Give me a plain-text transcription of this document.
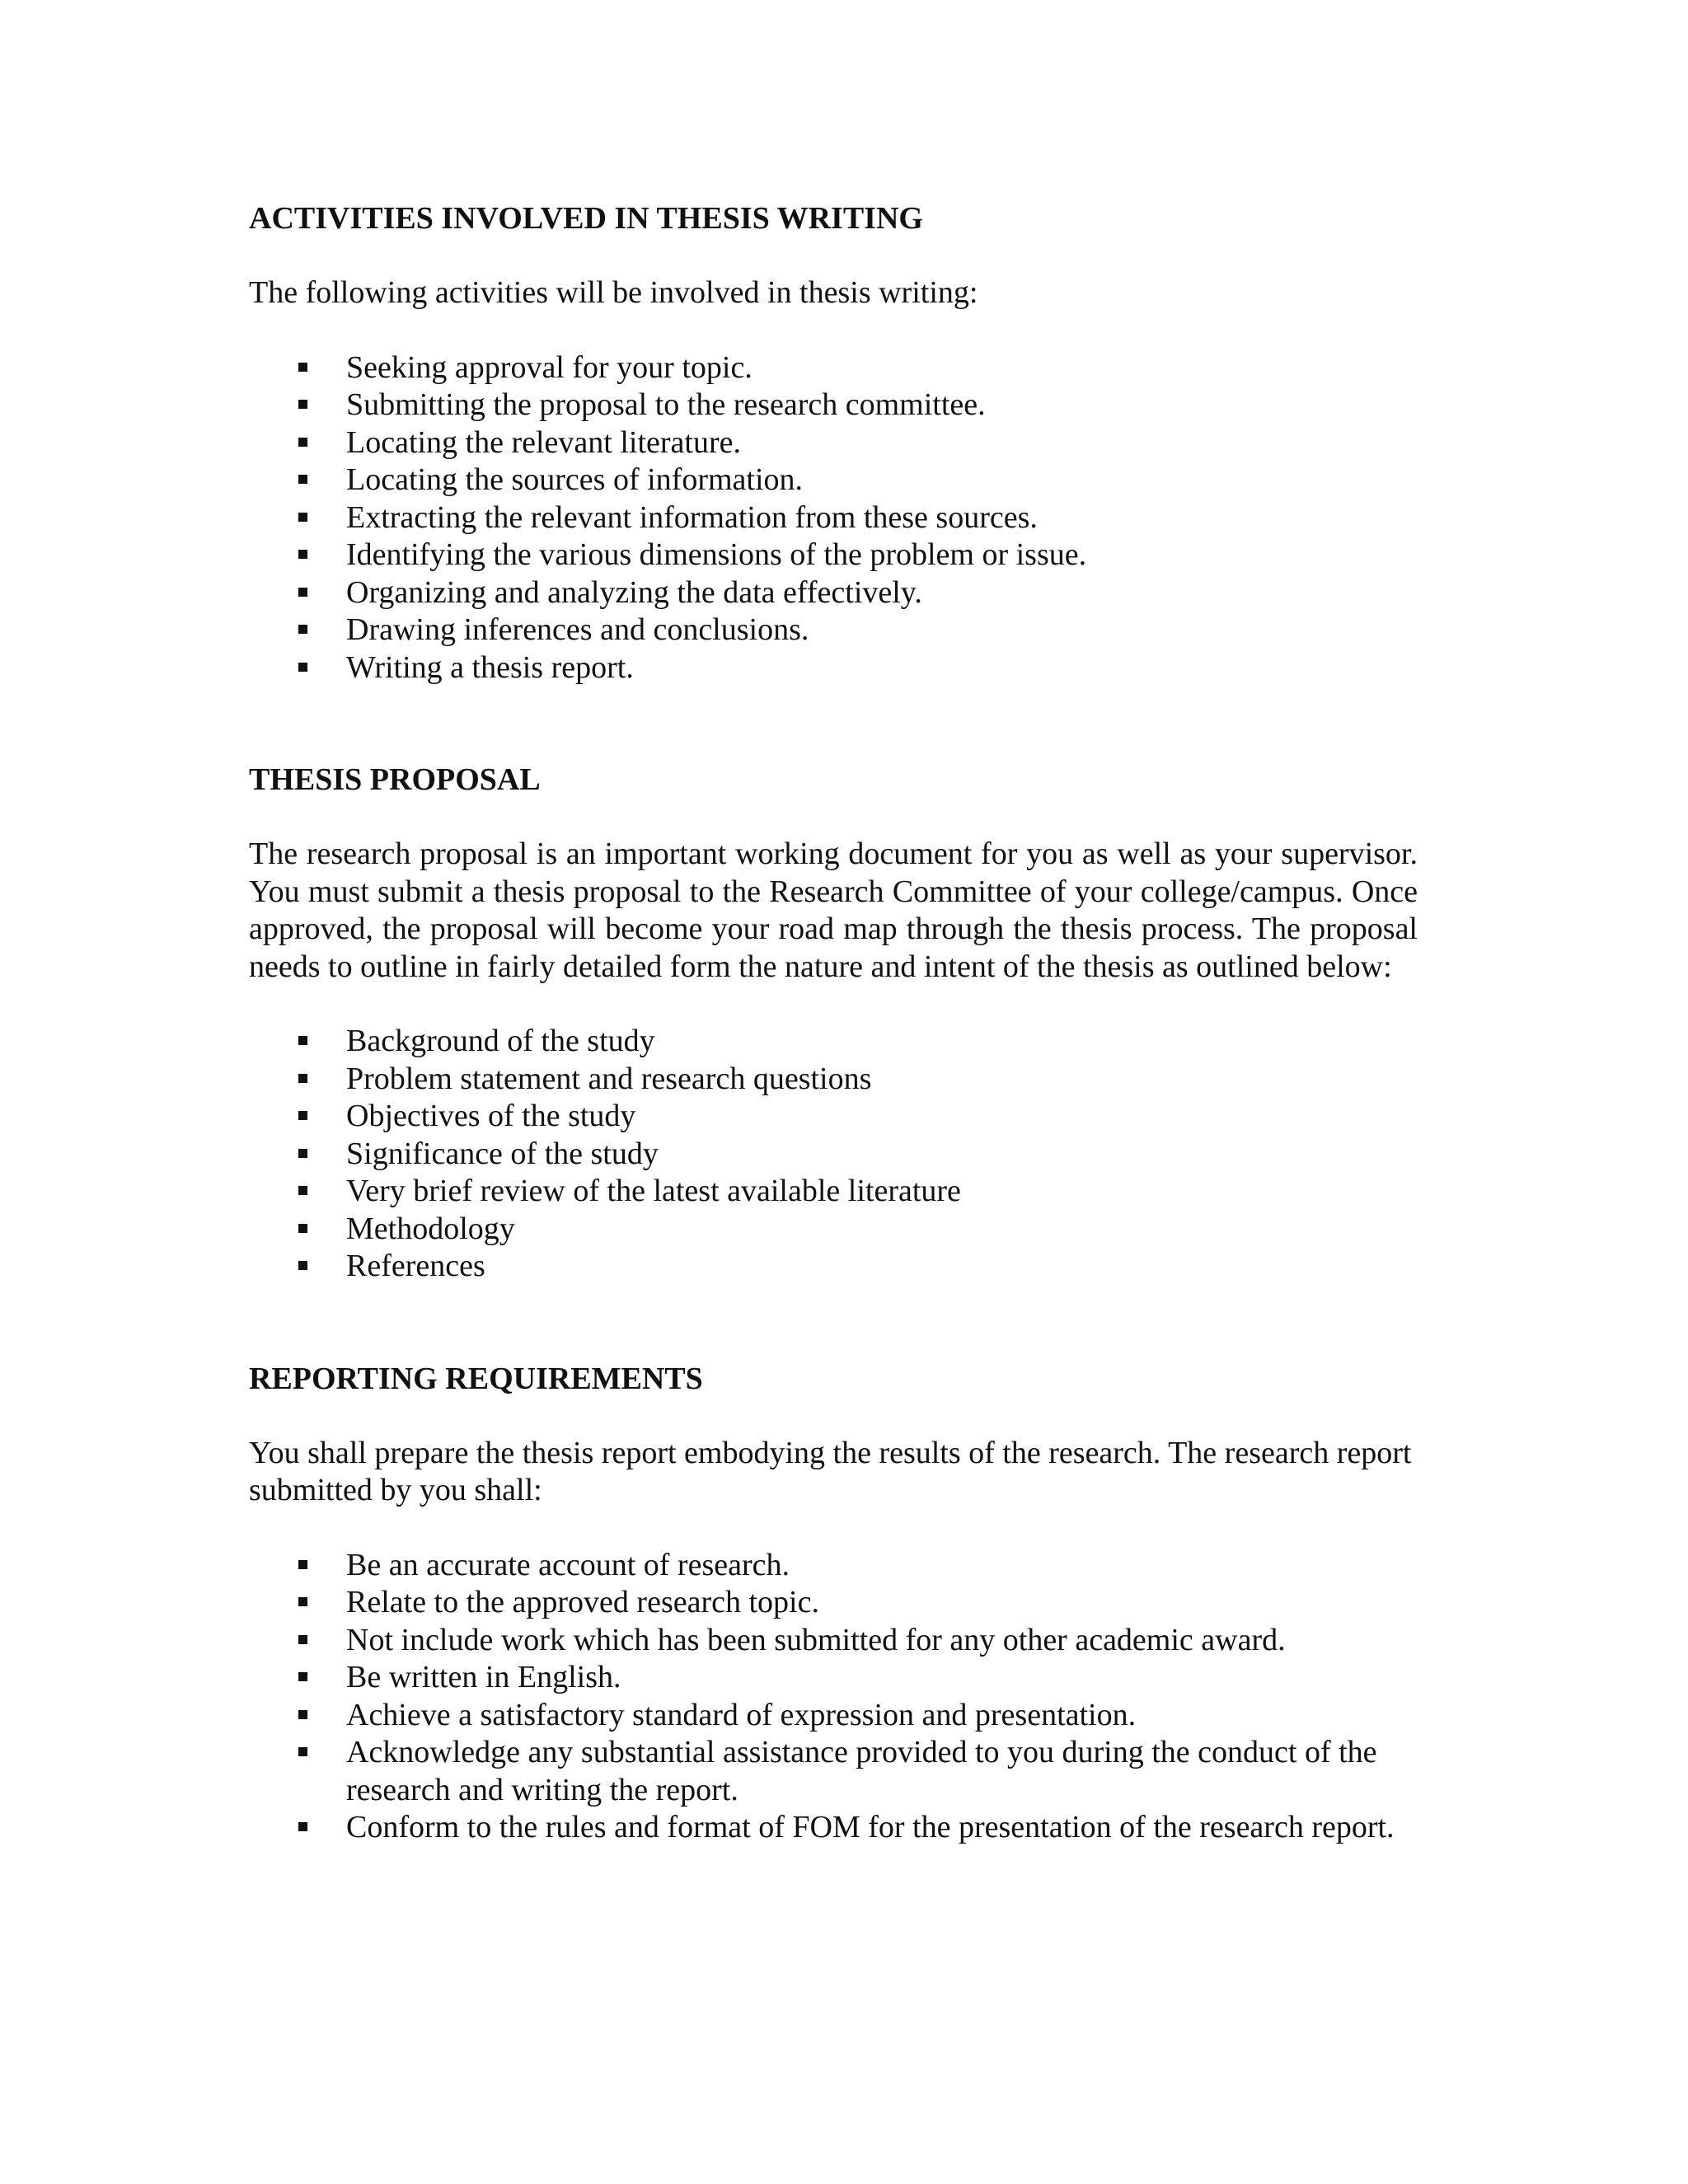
ACTIVITIES INVOLVED IN THESIS WRITING

The following activities will be involved in thesis writing:

Seeking approval for your topic.
Submitting the proposal to the research committee.
Locating the relevant literature.
Locating the sources of information.
Extracting the relevant information from these sources.
Identifying the various dimensions of the problem or issue.
Organizing and analyzing the data effectively.
Drawing inferences and conclusions.
Writing a thesis report.
THESIS PROPOSAL

The research proposal is an important working document for you as well as your supervisor. You must submit a thesis proposal to the Research Committee of your college/campus. Once approved, the proposal will become your road map through the thesis process. The proposal needs to outline in fairly detailed form the nature and intent of the thesis as outlined below:

Background of the study
Problem statement and research questions
Objectives of the study
Significance of the study
Very brief review of the latest available literature
Methodology
References
REPORTING REQUIREMENTS

You shall prepare the thesis report embodying the results of the research. The research report submitted by you shall:

Be an accurate account of research.
Relate to the approved research topic.
Not include work which has been submitted for any other academic award.
Be written in English.
Achieve a satisfactory standard of expression and presentation.
Acknowledge any substantial assistance provided to you during the conduct of the research and writing the report.
Conform to the rules and format of FOM for the presentation of the research report.
